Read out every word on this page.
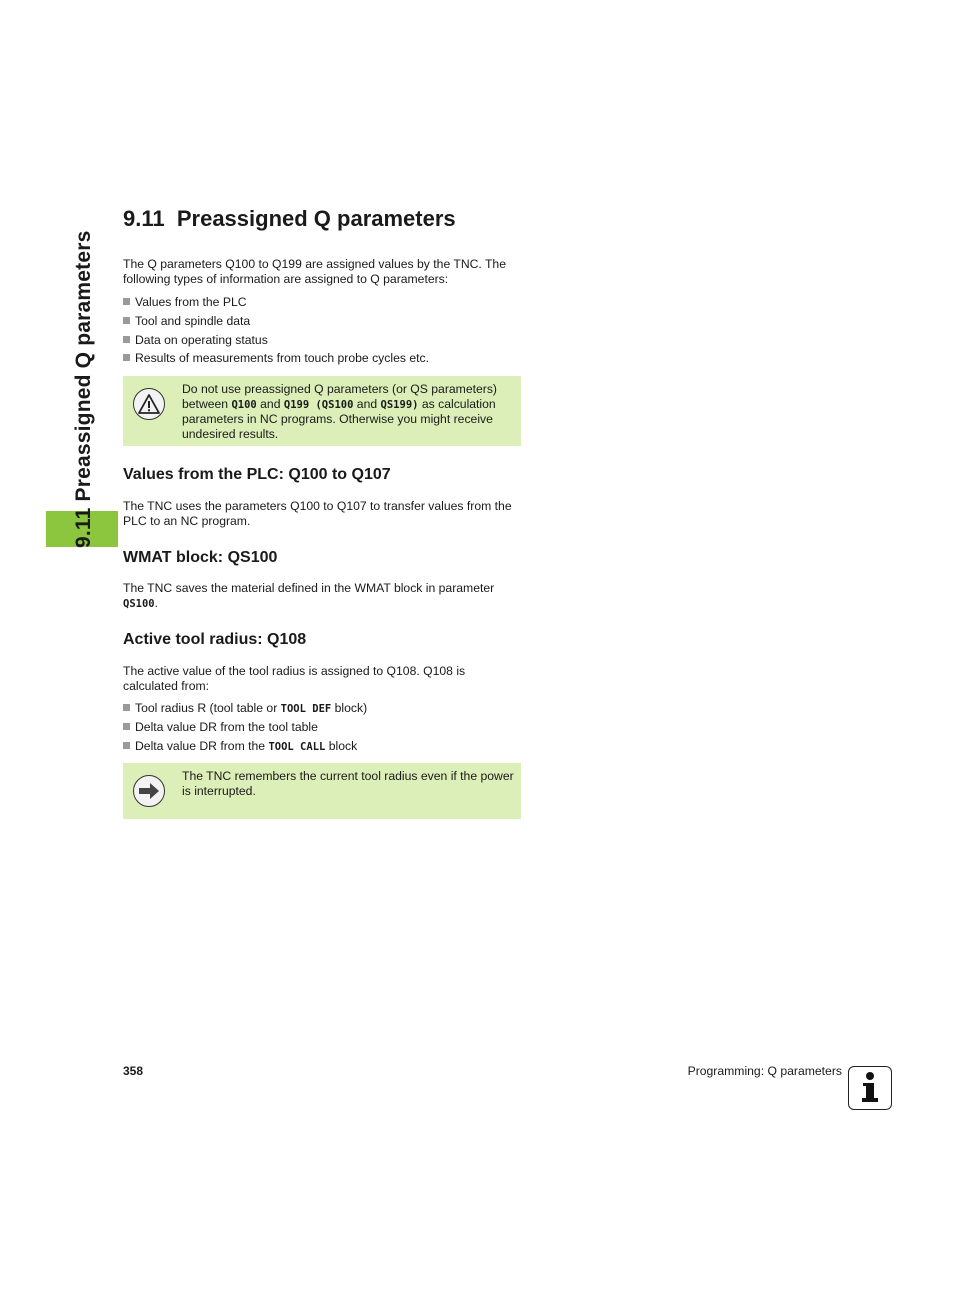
9.11 Preassigned Q parameters
9.11 Preassigned Q parameters

The Q parameters Q100 to Q199 are assigned values by the TNC. The following types of information are assigned to Q parameters:

Values from the PLC
Tool and spindle data
Data on operating status
Results of measurements from touch probe cycles etc.
Do not use preassigned Q parameters (or QS parameters) between Q100 and Q199 (QS100 and QS199) as calculation parameters in NC programs. Otherwise you might receive undesired results.
Values from the PLC: Q100 to Q107

The TNC uses the parameters Q100 to Q107 to transfer values from the PLC to an NC program.

WMAT block: QS100

The TNC saves the material defined in the WMAT block in parameter QS100.

Active tool radius: Q108

The active value of the tool radius is assigned to Q108. Q108 is calculated from:

Tool radius R (tool table or TOOL DEF block)
Delta value DR from the tool table
Delta value DR from the TOOL CALL block
The TNC remembers the current tool radius even if the power is interrupted.
358	Programming: Q parameters
